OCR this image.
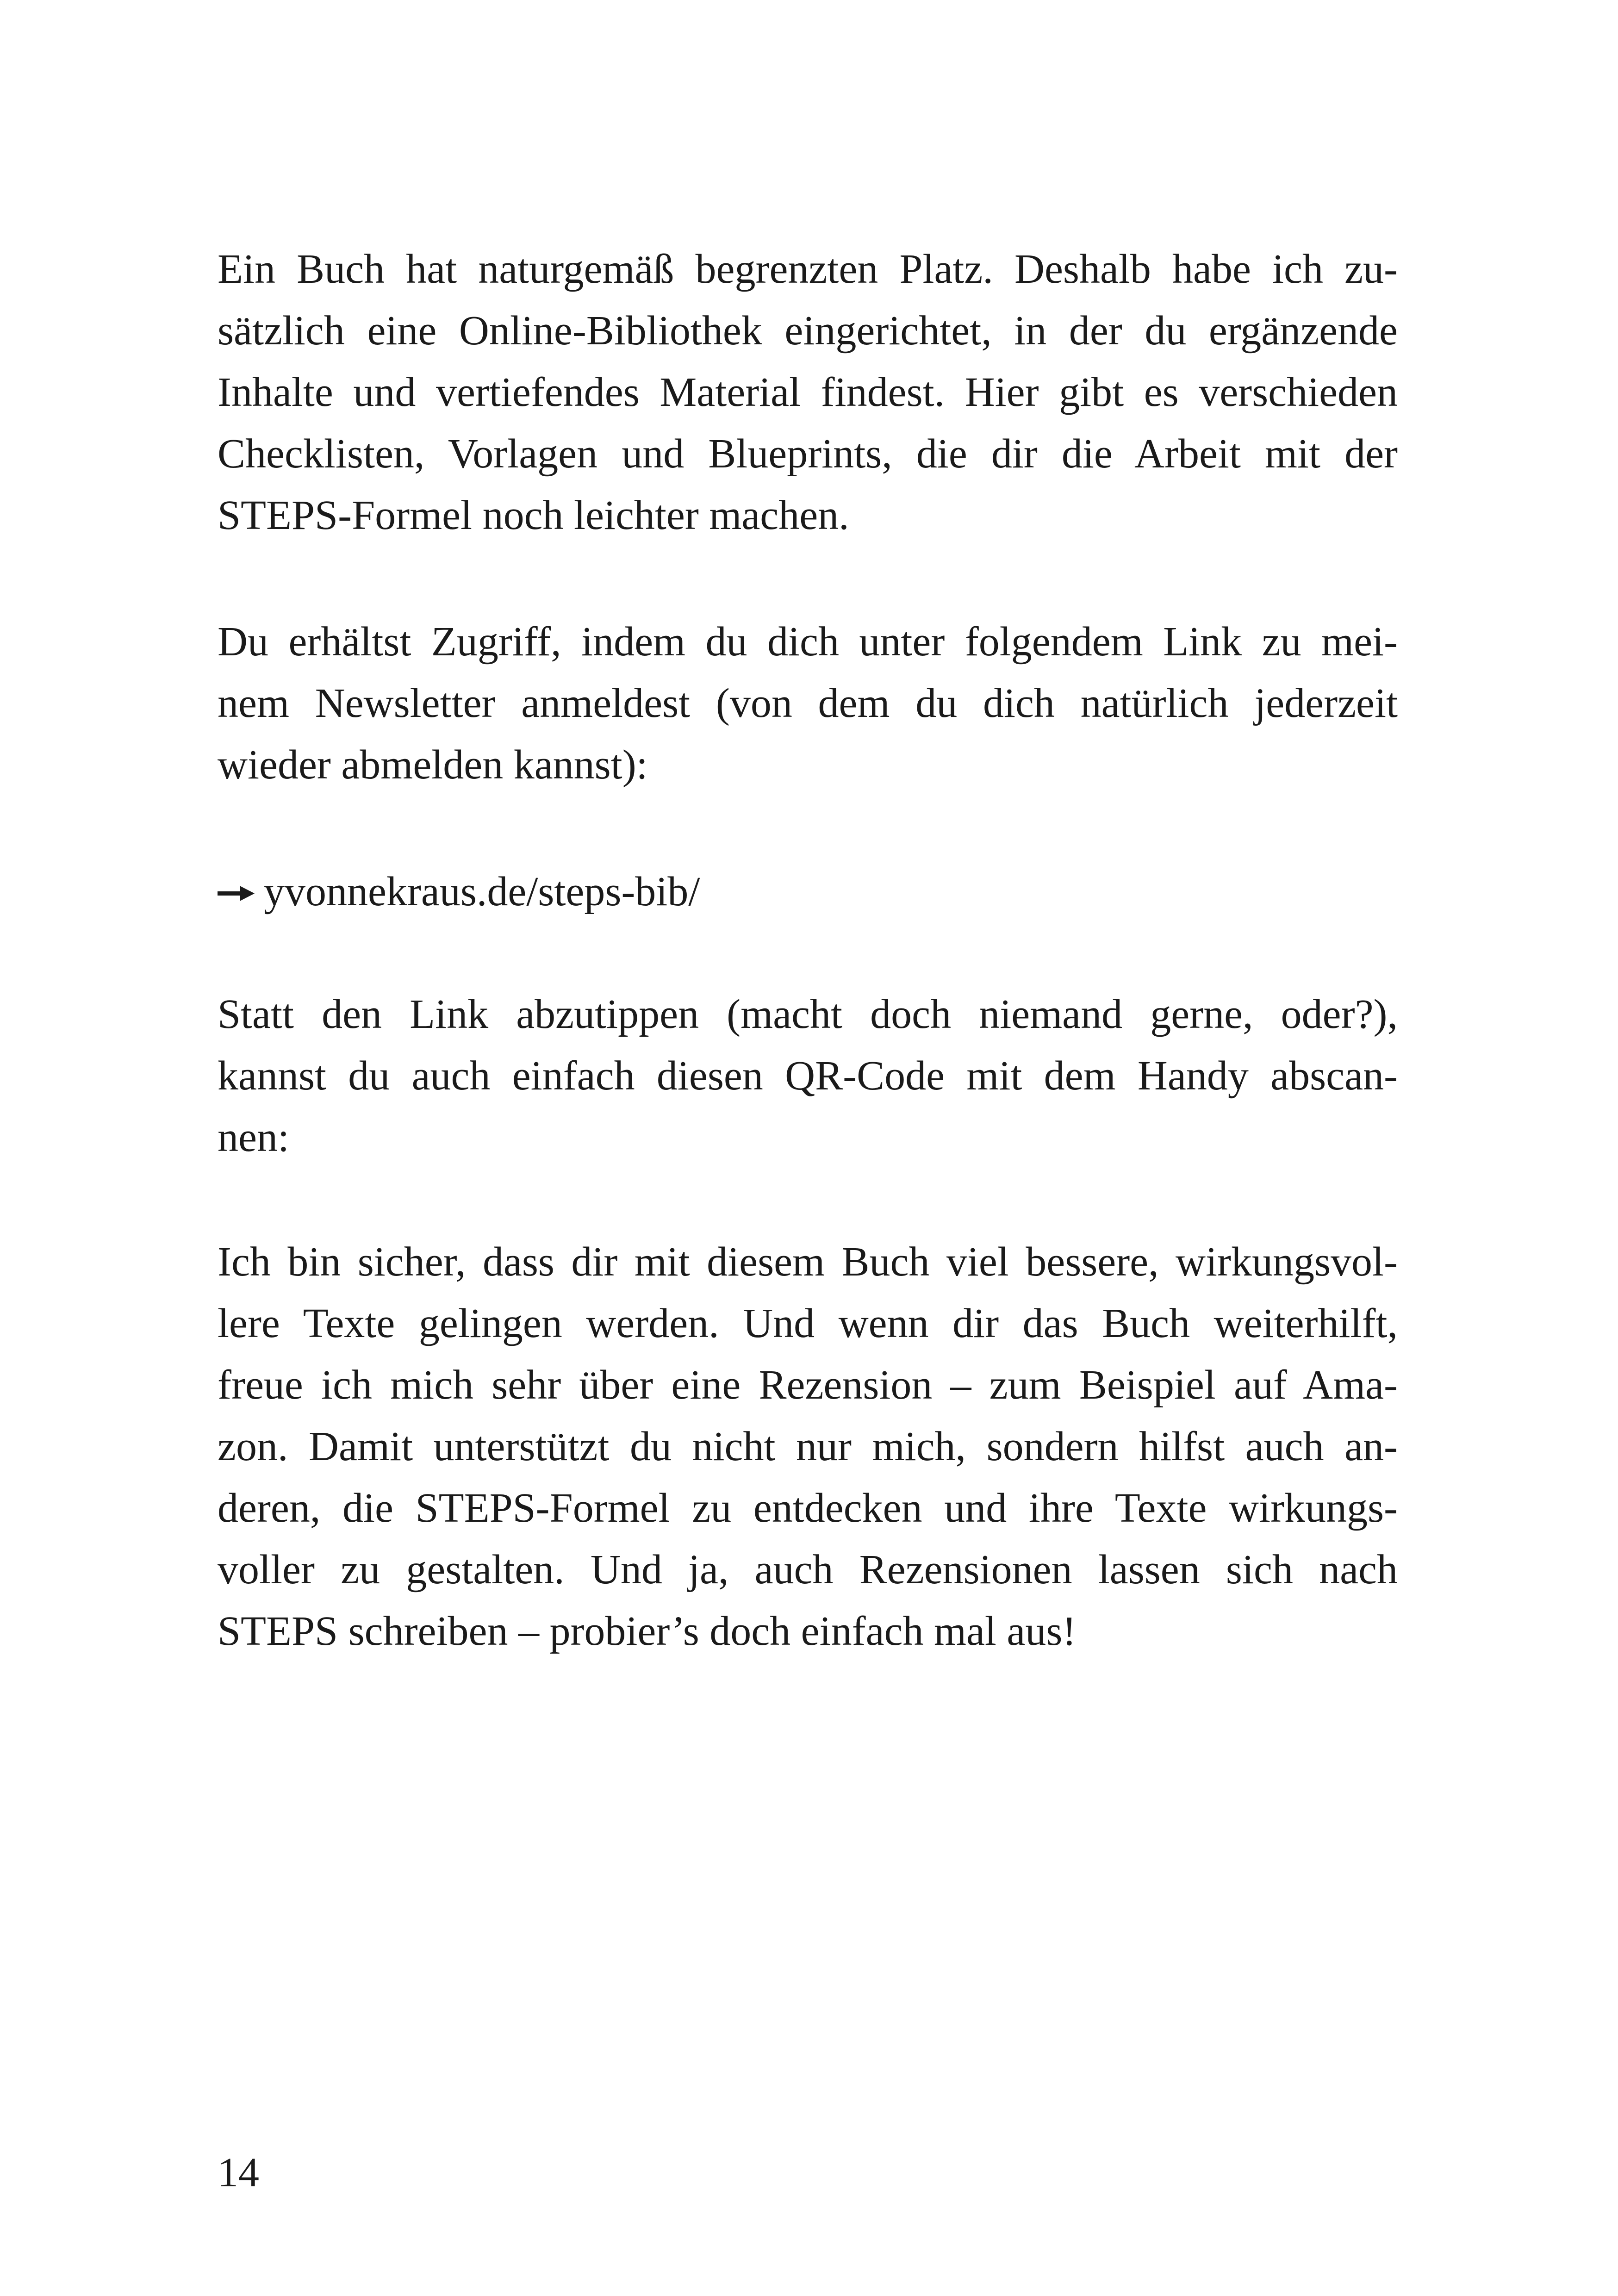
Ein Buch hat naturgemäß begrenzten Platz. Deshalb habe ich zu-
sätzlich eine Online-Bibliothek eingerichtet, in der du ergänzende
Inhalte und vertiefendes Material findest. Hier gibt es verschieden
Checklisten, Vorlagen und Blueprints, die dir die Arbeit mit der
STEPS-Formel noch leichter machen.
Du erhältst Zugriff, indem du dich unter folgendem Link zu mei-
nem Newsletter anmeldest (von dem du dich natürlich jederzeit
wieder abmelden kannst):
yvonnekraus.de/steps-bib/
Statt den Link abzutippen (macht doch niemand gerne, oder?),
kannst du auch einfach diesen QR-Code mit dem Handy abscan-
nen:
Ich bin sicher, dass dir mit diesem Buch viel bessere, wirkungsvol-
lere Texte gelingen werden. Und wenn dir das Buch weiterhilft,
freue ich mich sehr über eine Rezension – zum Beispiel auf Ama-
zon. Damit unterstützt du nicht nur mich, sondern hilfst auch an-
deren, die STEPS-Formel zu entdecken und ihre Texte wirkungs-
voller zu gestalten. Und ja, auch Rezensionen lassen sich nach
STEPS schreiben – probier’s doch einfach mal aus!
14
